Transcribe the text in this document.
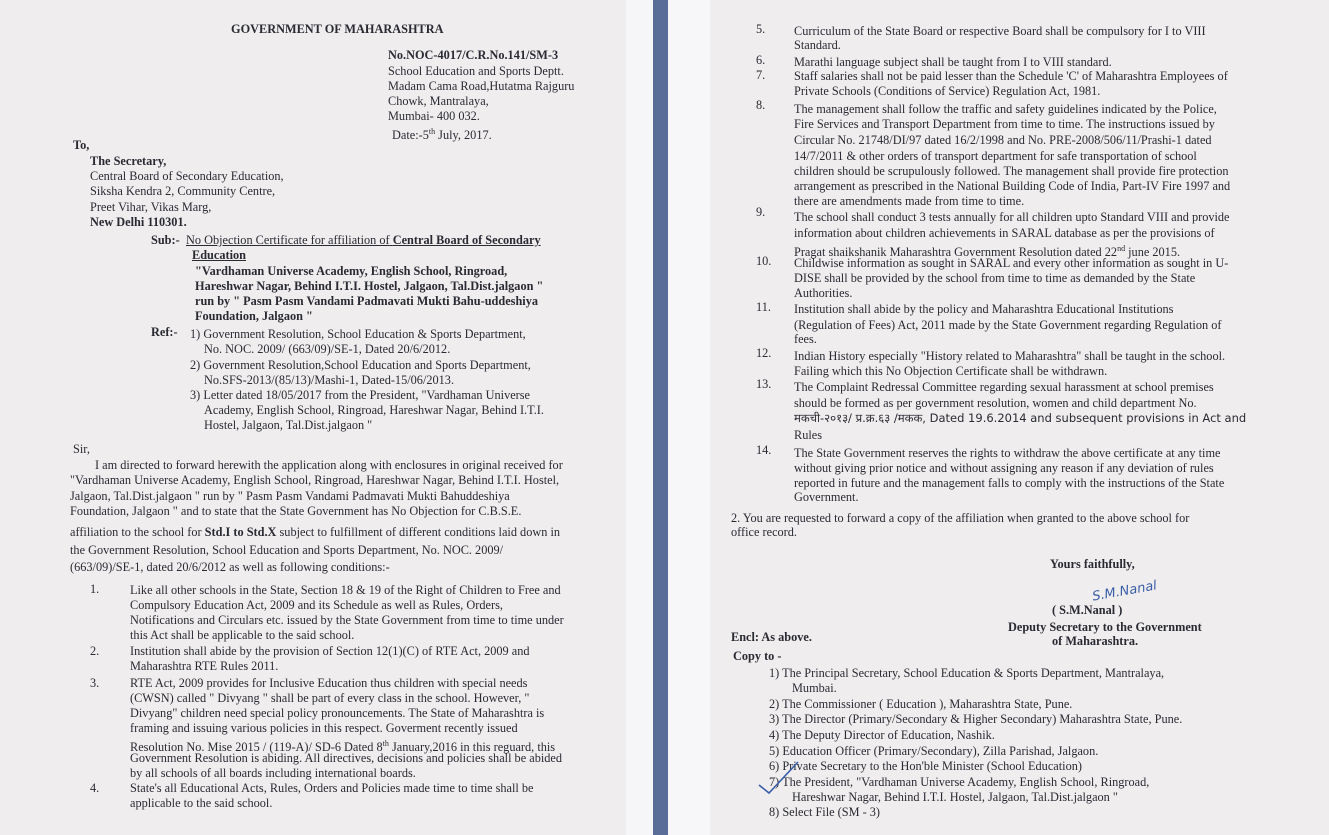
GOVERNMENT OF MAHARASHTRA
No.NOC-4017/C.R.No.141/SM-3
School Education and Sports Deptt.
Madam Cama Road,Hutatma Rajguru
Chowk, Mantralaya,
Mumbai- 400 032.
Date:-5th July, 2017.
To,
The Secretary,
Central Board of Secondary Education,
Siksha Kendra 2, Community Centre,
Preet Vihar, Vikas Marg,
New Delhi 110301.
Sub:- No Objection Certificate for affiliation of Central Board of Secondary
Education
"Vardhaman Universe Academy, English School, Ringroad,
Hareshwar Nagar, Behind I.T.I. Hostel, Jalgaon, Tal.Dist.jalgaon "
run by " Pasm Pasm Vandami Padmavati Mukti Bahu-uddeshiya
Foundation, Jalgaon "
Ref:- 1) Government Resolution, School Education & Sports Department,
No. NOC. 2009/ (663/09)/SE-1, Dated 20/6/2012.
2) Government Resolution,School Education and Sports Department,
No.SFS-2013/(85/13)/Mashi-1, Dated-15/06/2013.
3) Letter dated 18/05/2017 from the President, "Vardhaman Universe
Academy, English School, Ringroad, Hareshwar Nagar, Behind I.T.I.
Hostel, Jalgaon, Tal.Dist.jalgaon "
Sir,
I am directed to forward herewith the application along with enclosures in original received for
"Vardhaman Universe Academy, English School, Ringroad, Hareshwar Nagar, Behind I.T.I. Hostel,
Jalgaon, Tal.Dist.jalgaon " run by " Pasm Pasm Vandami Padmavati Mukti Bahuddeshiya
Foundation, Jalgaon " and to state that the State Government has No Objection for C.B.S.E.
affiliation to the school for Std.I to Std.X subject to fulfillment of different conditions laid down in
the Government Resolution, School Education and Sports Department, No. NOC. 2009/
(663/09)/SE-1, dated 20/6/2012 as well as following conditions:-
1.	Like all other schools in the State, Section 18 & 19 of the Right of Children to Free and
Compulsory Education Act, 2009 and its Schedule as well as Rules, Orders,
Notifications and Circulars etc. issued by the State Government from time to time under
this Act shall be applicable to the said school.
2.	Institution shall abide by the provision of Section 12(1)(C) of RTE Act, 2009 and
Maharashtra RTE Rules 2011.
3.	RTE Act, 2009 provides for Inclusive Education thus children with special needs
(CWSN) called " Divyang " shall be part of every class in the school. However, "
Divyang" children need special policy pronouncements. The State of Maharashtra is
framing and issuing various policies in this respect. Goverment recently issued
Resolution No. Mise 2015 / (119-A)/ SD-6 Dated 8th January,2016 in this reguard, this
Government Resolution is abiding. All directives, decisions and policies shall be abided
by all schools of all boards including international boards.
4.	State's all Educational Acts, Rules, Orders and Policies made time to time shall be
applicable to the said school.
5. Curriculum of the State Board or respective Board shall be compulsory for I to VIII
Standard.
6. Marathi language subject shall be taught from I to VIII standard.
7. Staff salaries shall not be paid lesser than the Schedule 'C' of Maharashtra Employees of
Private Schools (Conditions of Service) Regulation Act, 1981.
8. The management shall follow the traffic and safety guidelines indicated by the Police,
Fire Services and Transport Department from time to time. The instructions issued by
Circular No. 21748/DI/97 dated 16/2/1998 and No. PRE-2008/506/11/Prashi-1 dated
14/7/2011 & other orders of transport department for safe transportation of school
children should be scrupulously followed. The management shall provide fire protection
arrangement as prescribed in the National Building Code of India, Part-IV Fire 1997 and
there are amendments made from time to time.
9. The school shall conduct 3 tests annually for all children upto Standard VIII and provide
information about children achievements in SARAL database as per the provisions of
Pragat shaikshanik Maharashtra Government Resolution dated 22nd june 2015.
10. Childwise information as sought in SARAL and every other information as sought in U-
DISE shall be provided by the school from time to time as demanded by the State
Authorities.
11. Institution shall abide by the policy and Maharashtra Educational Institutions
(Regulation of Fees) Act, 2011 made by the State Government regarding Regulation of
fees.
12. Indian History especially "History related to Maharashtra" shall be taught in the school.
Failing which this No Objection Certificate shall be withdrawn.
13. The Complaint Redressal Committee regarding sexual harassment at school premises
should be formed as per government resolution, women and child department No.
मकची-२०१३/ प्र.क्र.६३ /मकक, Dated 19.6.2014 and subsequent provisions in Act and
Rules
14. The State Government reserves the rights to withdraw the above certificate at any time
without giving prior notice and without assigning any reason if any deviation of rules
reported in future and the management falls to comply with the instructions of the State
Government.
2. You are requested to forward a copy of the affiliation when granted to the above school for
office record.
Yours faithfully,
S.M.Nanal
( S.M.Nanal )
Deputy Secretary to the Government
of Maharashtra.
Encl: As above.
Copy to -
1) The Principal Secretary, School Education & Sports Department, Mantralaya,
Mumbai.
2) The Commissioner ( Education ), Maharashtra State, Pune.
3) The Director (Primary/Secondary & Higher Secondary) Maharashtra State, Pune.
4) The Deputy Director of Education, Nashik.
5) Education Officer (Primary/Secondary), Zilla Parishad, Jalgaon.
6) Private Secretary to the Hon'ble Minister (School Education)
7) The President, "Vardhaman Universe Academy, English School, Ringroad,
Hareshwar Nagar, Behind I.T.I. Hostel, Jalgaon, Tal.Dist.jalgaon "
8) Select File (SM - 3)
